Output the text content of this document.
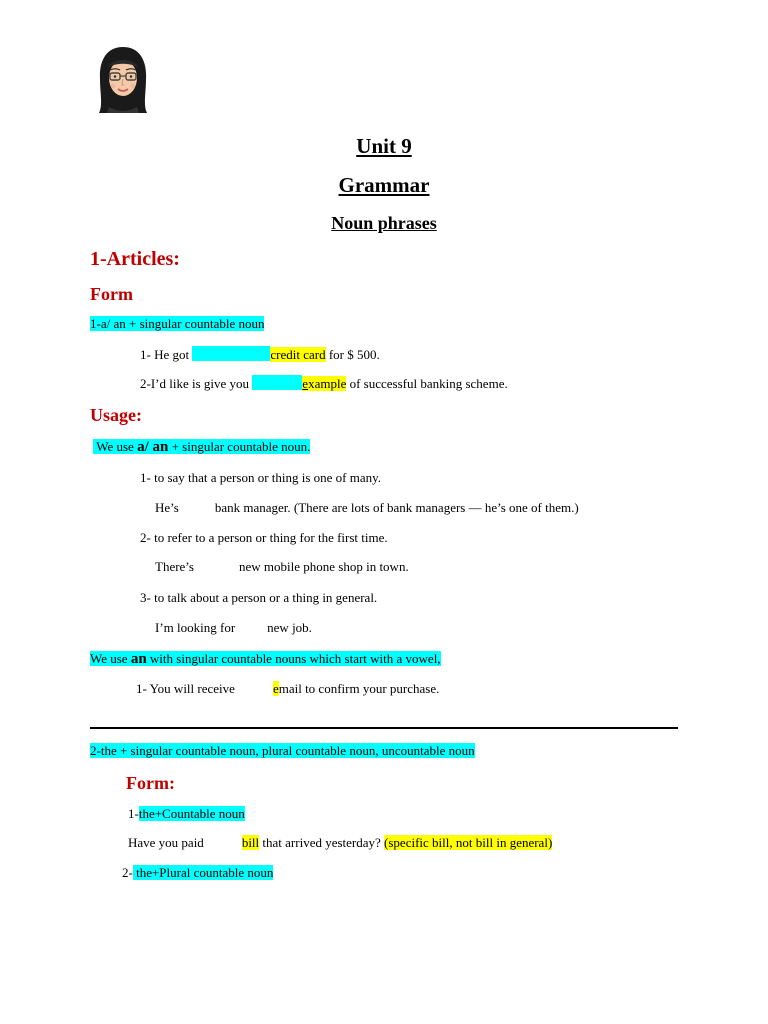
Unit 9
Grammar
Noun phrases
1-Articles:
Form
1-a/ an + singular countable noun
1- He got	credit card for $ 500.
2-I’d like is give you	example of successful banking scheme.
Usage:
We use a/ an + singular countable noun.
1- to say that a person or thing is one of many.
He’s	bank manager. (There are lots of bank managers — he’s one of them.)
2- to refer to a person or thing for the first time.
There’s	new mobile phone shop in town.
3- to talk about a person or a thing in general.
I’m looking for new job.
We use an with singular countable nouns which start with a vowel,
1- You will receive	email to confirm your purchase.
2-the + singular countable noun, plural countable noun, uncountable noun
Form:
1-the+Countable noun
Have you paid	bill that arrived yesterday? (specific bill, not bill in general)
2- the+Plural countable noun
